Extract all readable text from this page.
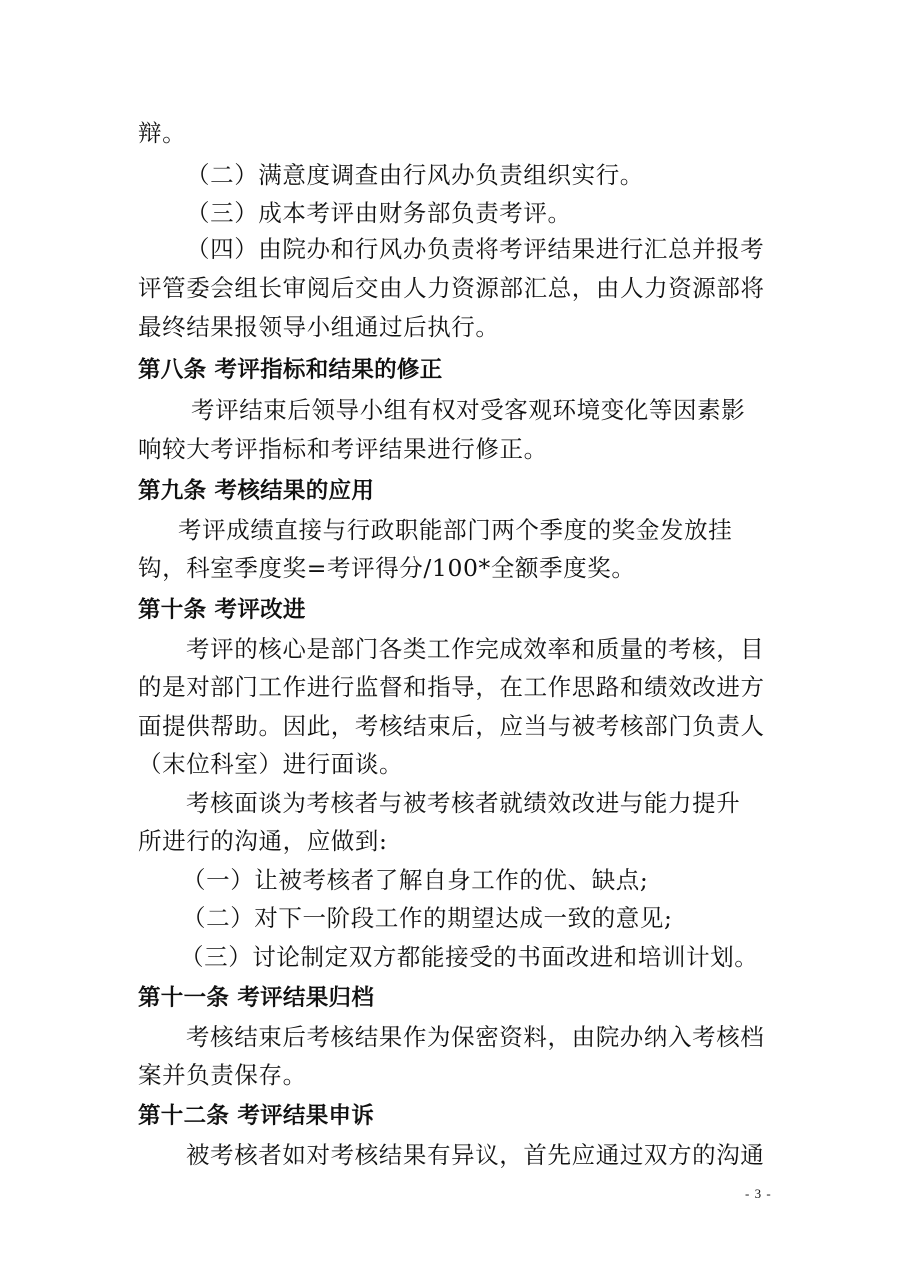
辩。
（二）满意度调查由行风办负责组织实行。
（三）成本考评由财务部负责考评。
（四）由院办和行风办负责将考评结果进行汇总并报考
评管委会组长审阅后交由人力资源部汇总，由人力资源部将
最终结果报领导小组通过后执行。
第八条 考评指标和结果的修正
考评结束后领导小组有权对受客观环境变化等因素影
响较大考评指标和考评结果进行修正。
第九条 考核结果的应用
考评成绩直接与行政职能部门两个季度的奖金发放挂
钩，科室季度奖=考评得分/100*全额季度奖。
第十条 考评改进
考评的核心是部门各类工作完成效率和质量的考核，目
的是对部门工作进行监督和指导，在工作思路和绩效改进方
面提供帮助。因此，考核结束后，应当与被考核部门负责人
（末位科室）进行面谈。
考核面谈为考核者与被考核者就绩效改进与能力提升
所进行的沟通，应做到:
（一）让被考核者了解自身工作的优、缺点;
（二）对下一阶段工作的期望达成一致的意见;
（三）讨论制定双方都能接受的书面改进和培训计划。
第十一条 考评结果归档
考核结束后考核结果作为保密资料，由院办纳入考核档
案并负责保存。
第十二条 考评结果申诉
被考核者如对考核结果有异议，首先应通过双方的沟通
- 3 -
